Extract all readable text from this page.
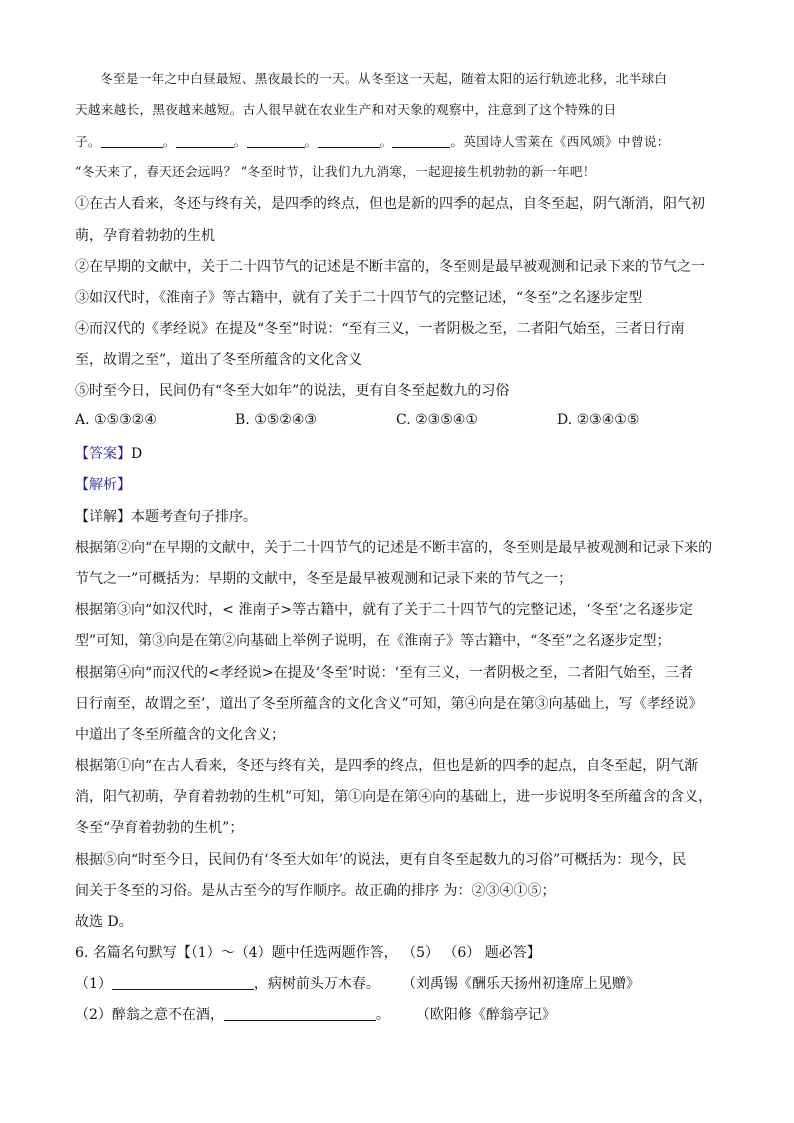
冬至是一年之中白昼最短、黑夜最长的一天。从冬至这一天起，随着太阳的运行轨迹北移，北半球白
天越来越长，黑夜越来越短。古人很早就在农业生产和对天象的观察中，注意到了这个特殊的日
子。	。	。	。	。	。英国诗人雪莱在《西风颂》中曾说：
“冬天来了，春天还会远吗？ ”冬至时节，让我们九九消寒，一起迎接生机勃勃的新一年吧！
①在古人看来，冬还与终有关，是四季的终点，但也是新的四季的起点，自冬至起，阴气渐消，阳气初
萌，孕育着勃勃的生机
②在早期的文献中，关于二十四节气的记述是不断丰富的，冬至则是最早被观测和记录下来的节气之一
③如汉代时，《淮南子》等古籍中，就有了关于二十四节气的完整记述，“冬至”之名逐步定型
④而汉代的《孝经说》在提及“冬至”时说：“至有三义，一者阴极之至，二者阳气始至，三者日行南
至，故谓之至”，道出了冬至所蕴含的文化含义
⑤时至今日，民间仍有“冬至大如年”的说法，更有自冬至起数九的习俗
A. ①⑤③②④	B. ①⑤②④③	C. ②③⑤④①	D. ②③④①⑤
【答案】D
【解析】
【详解】本题考查句子排序。
根据第②向“在早期的文献中，关于二十四节气的记述是不断丰富的，冬至则是最早被观测和记录下来的
节气之一”可概括为：早期的文献中，冬至是最早被观测和记录下来的节气之一；
根据第③向“如汉代时，< 淮南子>等古籍中，就有了关于二十四节气的完整记述，‘冬至’之名逐步定
型”可知，第③向是在第②向基础上举例子说明，在《淮南子》等古籍中，“冬至”之名逐步定型；
根据第④向“而汉代的<孝经说>在提及‘冬至’时说：‘至有三义，一者阴极之至，二者阳气始至，三者
日行南至，故谓之至’，道出了冬至所蕴含的文化含义”可知，第④向是在第③向基础上，写《孝经说》
中道出了冬至所蕴含的文化含义；
根据第①向“在古人看来，冬还与终有关，是四季的终点，但也是新的四季的起点，自冬至起，阴气渐
消，阳气初萌，孕育着勃勃的生机”可知，第①向是在第④向的基础上，进一步说明冬至所蕴含的含义，
冬至“孕育着勃勃的生机”；
根据⑤向“时至今日，民间仍有‘冬至大如年’的说法，更有自冬至起数九的习俗”可概括为：现今，民
间关于冬至的习俗。是从古至今的写作顺序。故正确的排序 为：②③④①⑤；
故选 D。
6. 名篇名句默写【（1）～（4）题中任选两题作答， （5） （6） 题必答】
（1）	，病树前头万木春。 （刘禹锡《酬乐天扬州初逢席上见赠》
（2）醉翁之意不在酒，	。 （欧阳修《醉翁亭记》
